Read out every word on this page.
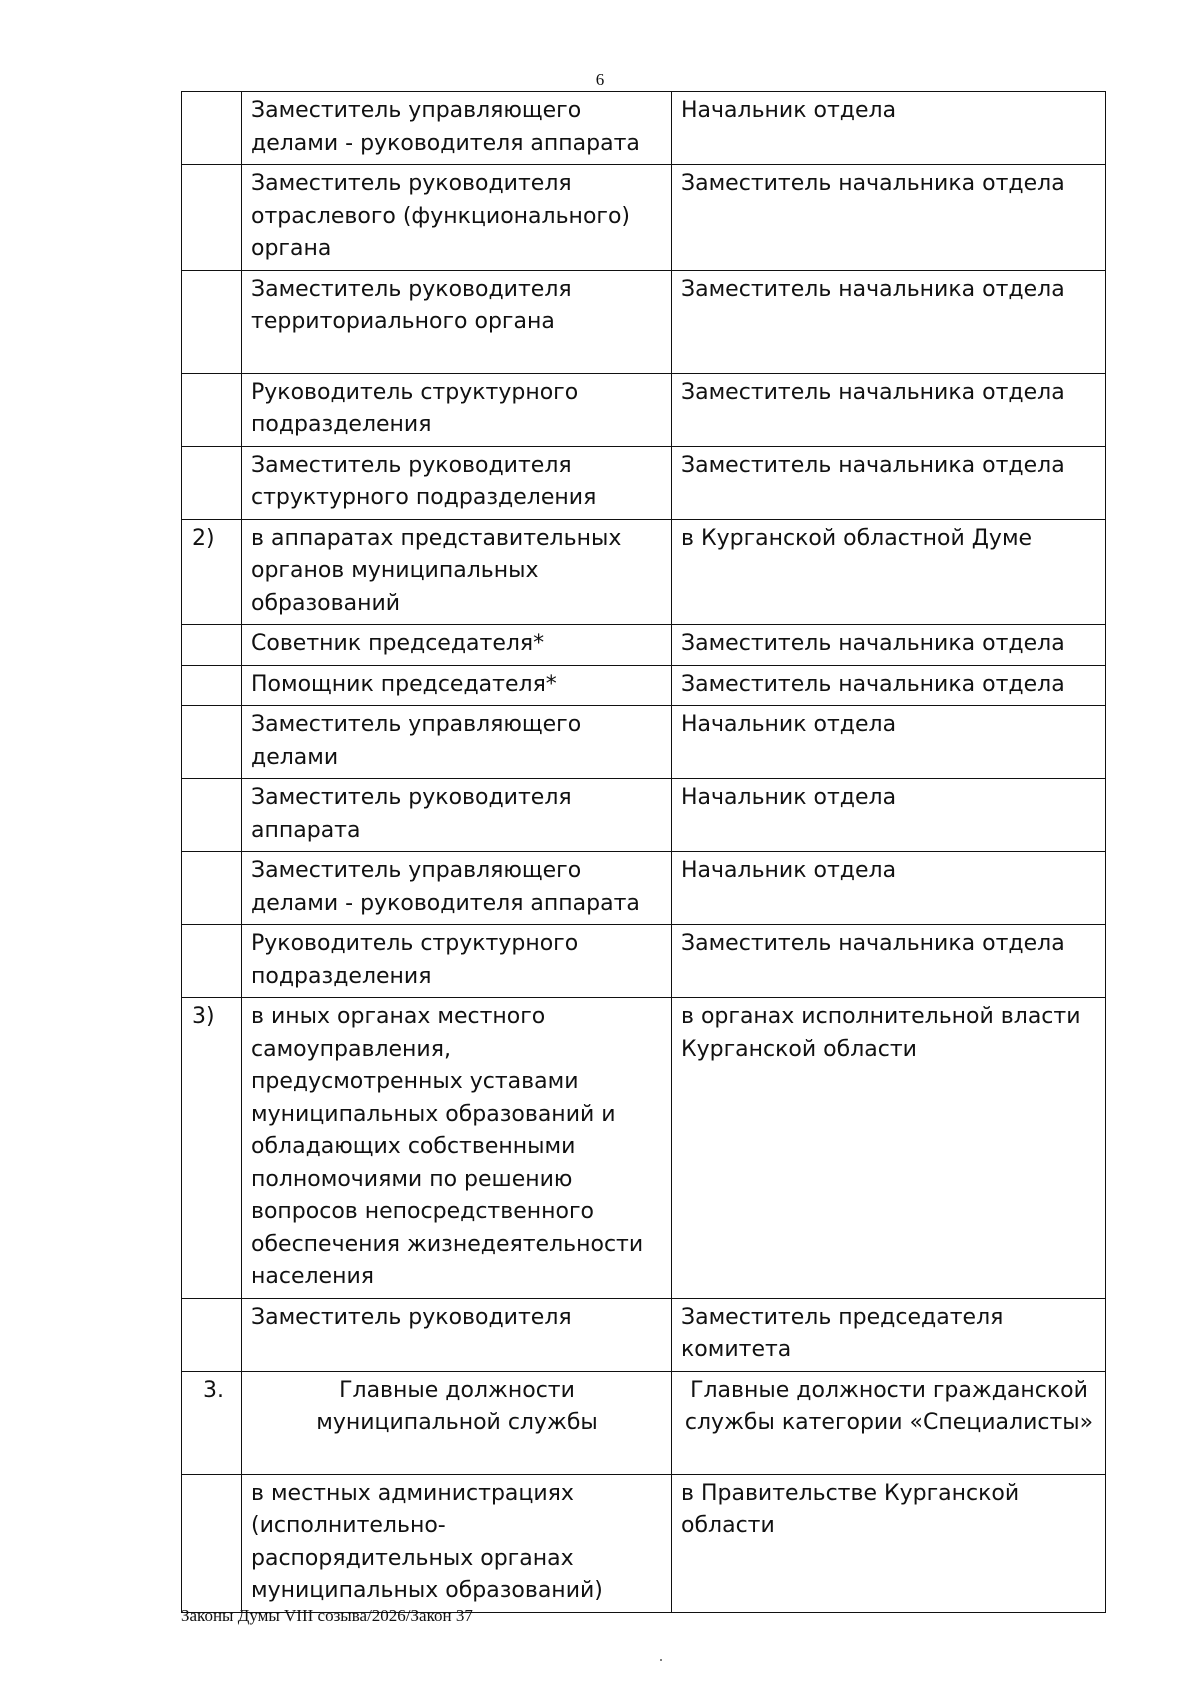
6
	Заместитель управляющего делами - руководителя аппарата	Начальник отдела
	Заместитель руководителя отраслевого (функционального) органа	Заместитель начальника отдела
	Заместитель руководителя территориального органа	Заместитель начальника отдела
	Руководитель структурного подразделения	Заместитель начальника отдела
	Заместитель руководителя структурного подразделения	Заместитель начальника отдела
2)	в аппаратах представительных органов муниципальных образований	в Курганской областной Думе
	Советник председателя*	Заместитель начальника отдела
	Помощник председателя*	Заместитель начальника отдела
	Заместитель управляющего делами	Начальник отдела
	Заместитель руководителя аппарата	Начальник отдела
	Заместитель управляющего делами - руководителя аппарата	Начальник отдела
	Руководитель структурного подразделения	Заместитель начальника отдела
3)	в иных органах местного самоуправления, предусмотренных уставами муниципальных образований и обладающих собственными полномочиями по решению вопросов непосредственного обеспечения жизнедеятельности населения	в органах исполнительной власти Курганской области
	Заместитель руководителя	Заместитель председателя комитета
3.	Главные должности муниципальной службы	Главные должности гражданской службы категории «Специалисты»
	в местных администрациях (исполнительно-распорядительных органах муниципальных образований)	в Правительстве Курганской области
Законы Думы VIII созыва/2026/Закон 37
